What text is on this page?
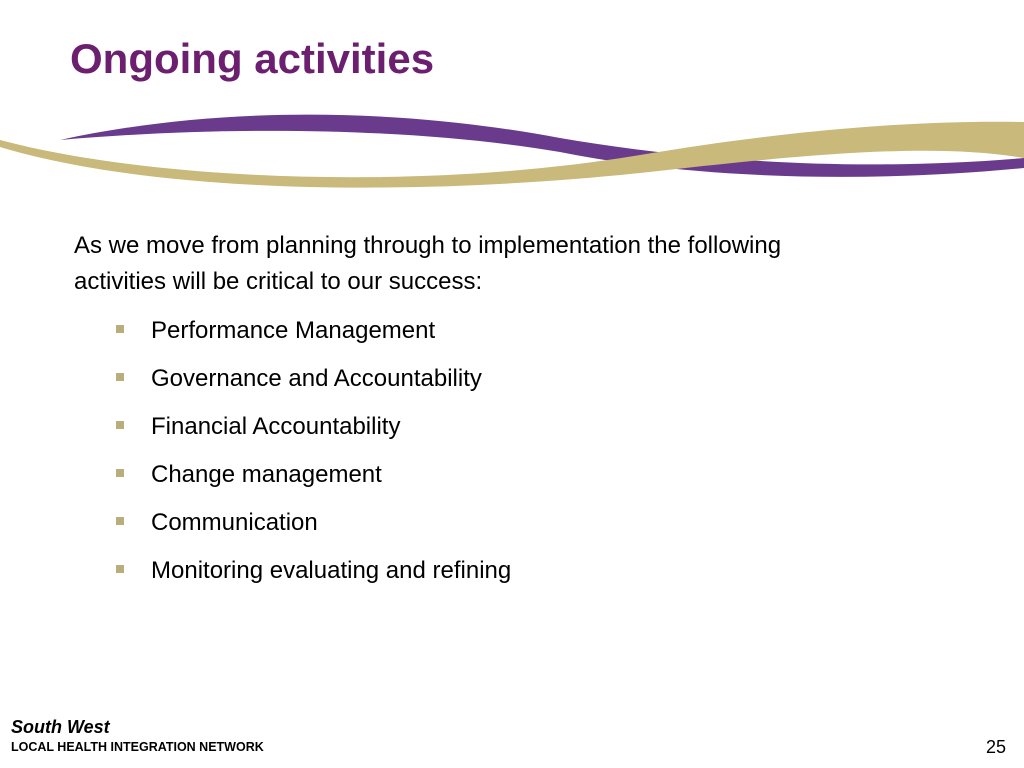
Ongoing activities

As we move from planning through to implementation the following activities will be critical to our success:

Performance Management
Governance and Accountability
Financial Accountability
Change management
Communication
Monitoring evaluating and refining
South West
LOCAL HEALTH INTEGRATION NETWORK	25
